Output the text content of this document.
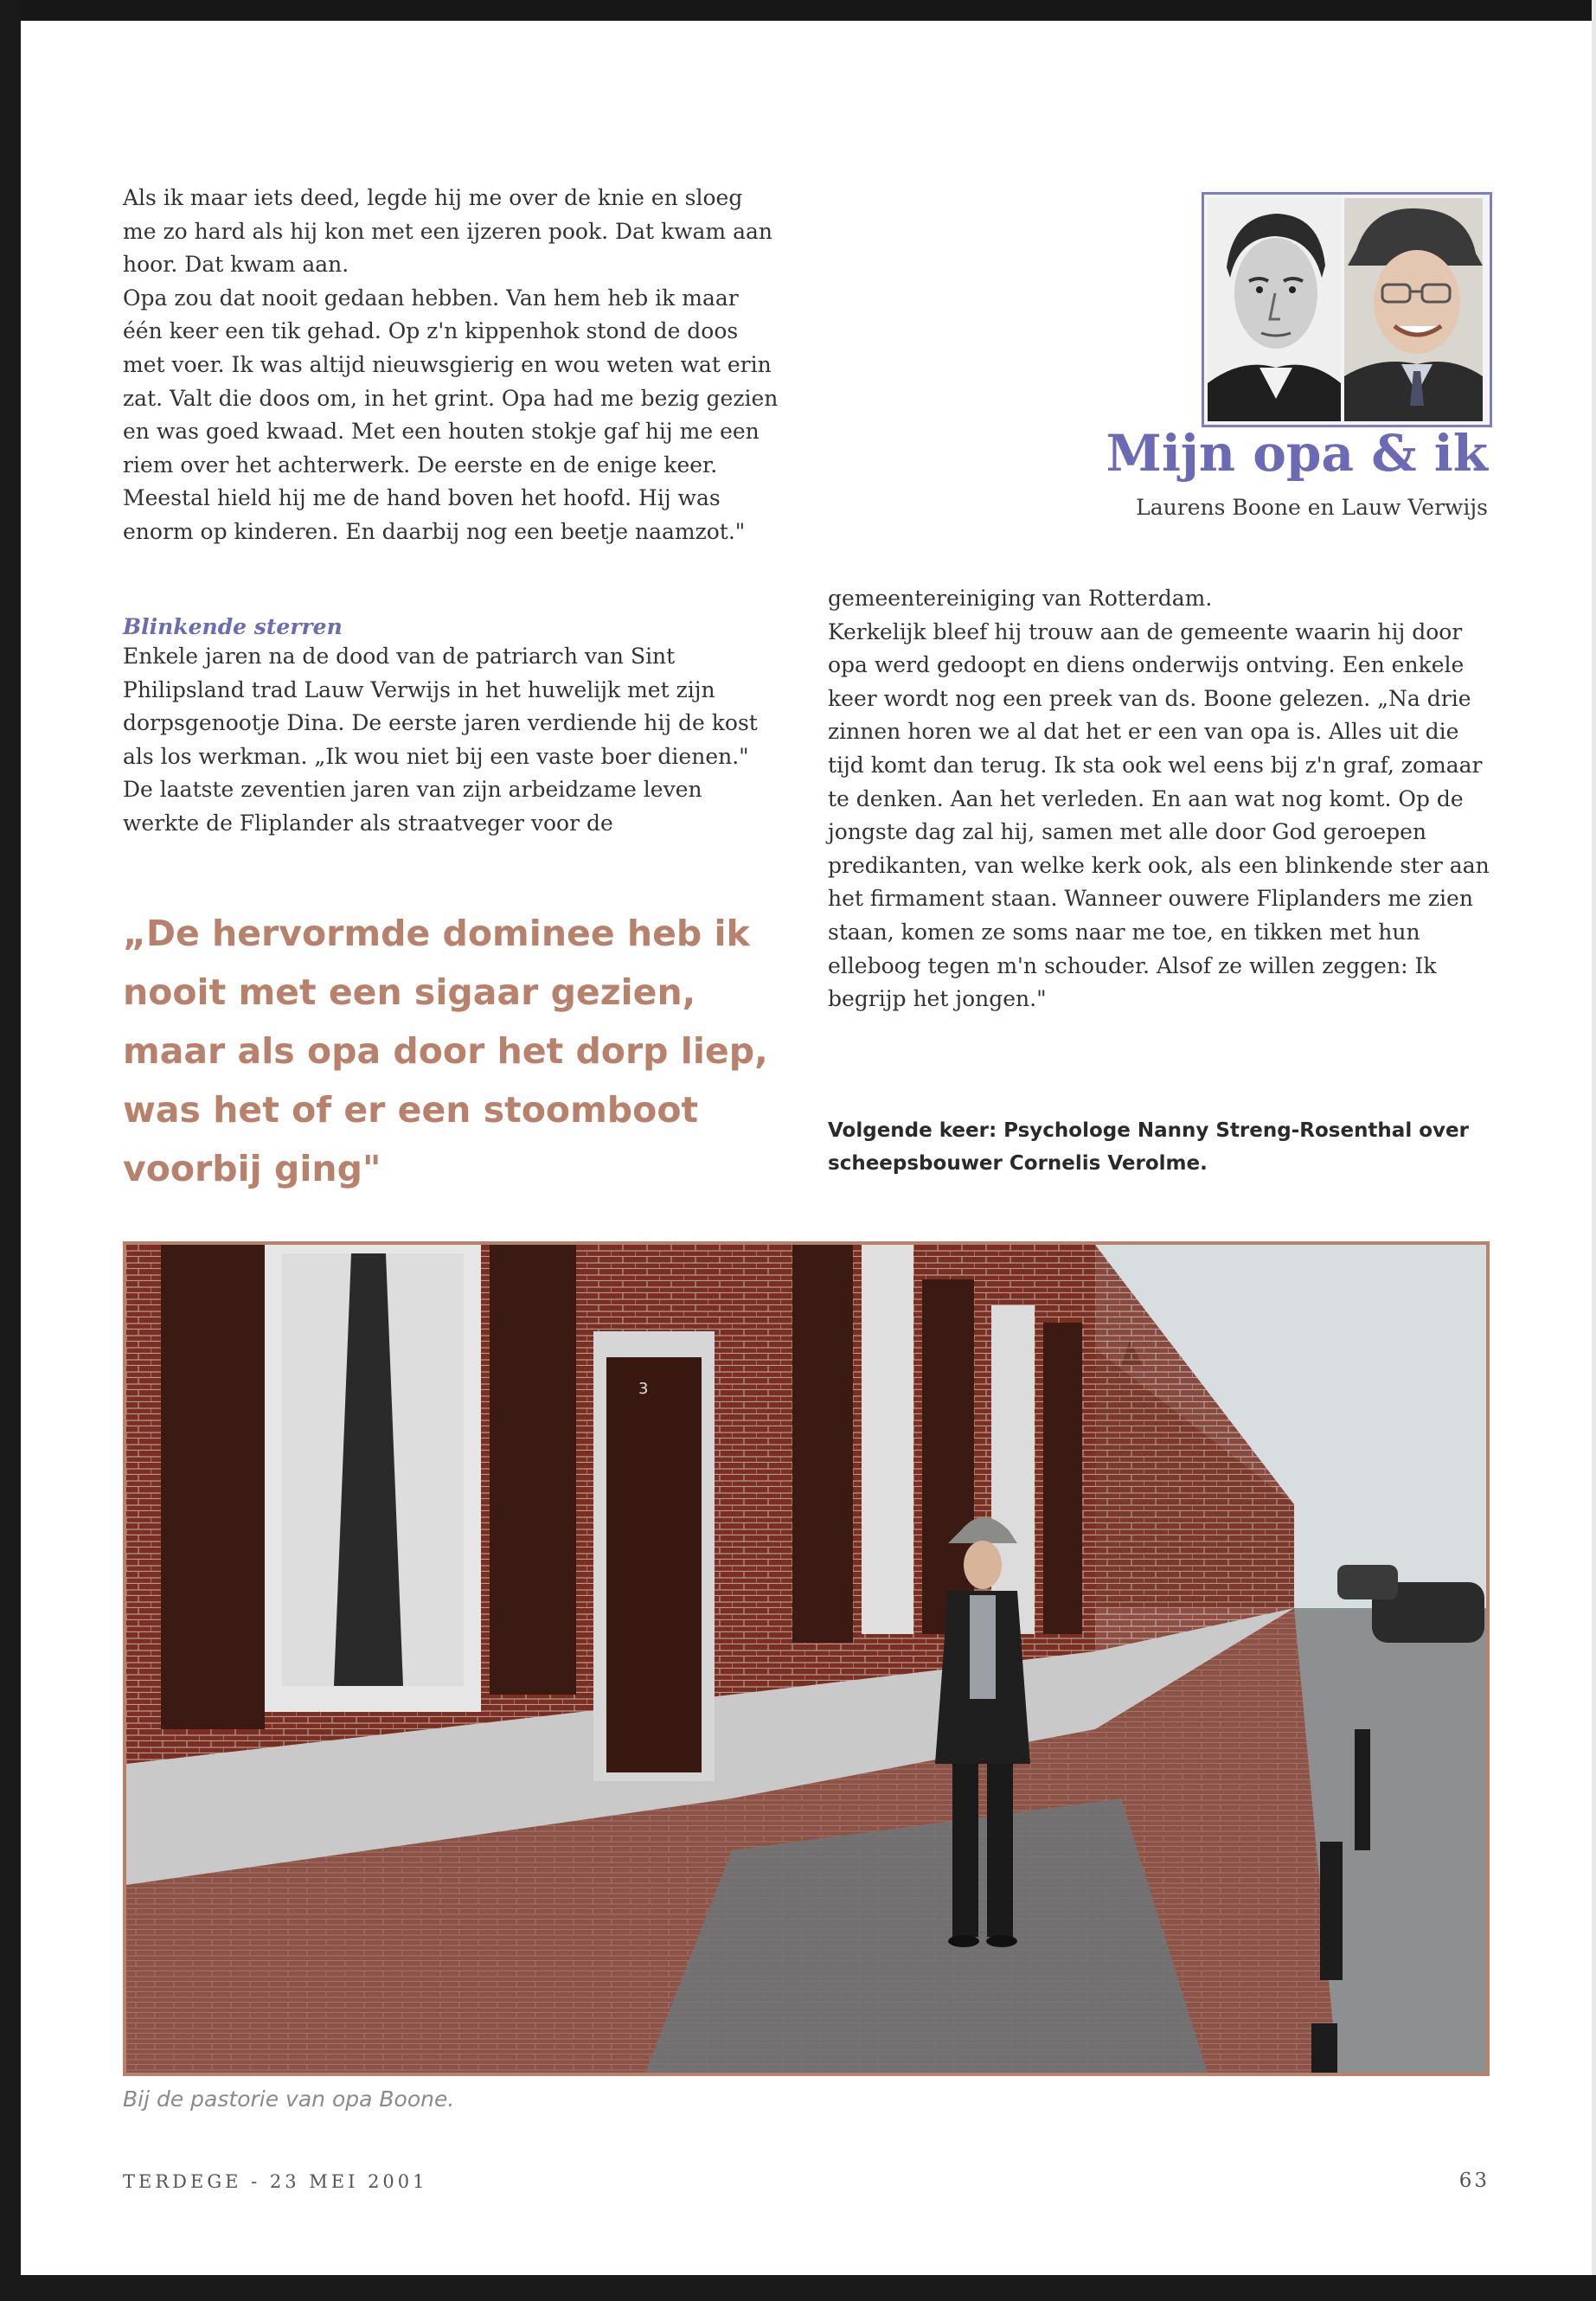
Als ik maar iets deed, legde hij me over de knie en sloeg me zo hard als hij kon met een ijzeren pook. Dat kwam aan hoor. Dat kwam aan.

Opa zou dat nooit gedaan hebben. Van hem heb ik maar één keer een tik gehad. Op z'n kippenhok stond de doos met voer. Ik was altijd nieuwsgierig en wou weten wat erin zat. Valt die doos om, in het grint. Opa had me bezig gezien en was goed kwaad. Met een houten stokje gaf hij me een riem over het achterwerk. De eerste en de enige keer. Meestal hield hij me de hand boven het hoofd. Hij was enorm op kinderen. En daarbij nog een beetje naamzot."

Blinkende sterren

Enkele jaren na de dood van de patriarch van Sint Philipsland trad Lauw Verwijs in het huwelijk met zijn dorpsgenootje Dina. De eerste jaren verdiende hij de kost als los werkman. „Ik wou niet bij een vaste boer dienen." De laatste zeventien jaren van zijn arbeidzame leven werkte de Fliplander als straatveger voor de

„De hervormde dominee heb ik nooit met een sigaar gezien, maar als opa door het dorp liep, was het of er een stoomboot voorbij ging"
Mijn opa & ik
Laurens Boone en Lauw Verwijs

gemeentereiniging van Rotterdam.

Kerkelijk bleef hij trouw aan de gemeente waarin hij door opa werd gedoopt en diens onderwijs ontving. Een enkele keer wordt nog een preek van ds. Boone gelezen. „Na drie zinnen horen we al dat het er een van opa is. Alles uit die tijd komt dan terug. Ik sta ook wel eens bij z'n graf, zomaar te denken. Aan het verleden. En aan wat nog komt. Op de jongste dag zal hij, samen met alle door God geroepen predikanten, van welke kerk ook, als een blinkende ster aan het firmament staan. Wanneer ouwere Fliplanders me zien staan, komen ze soms naar me toe, en tikken met hun elleboog tegen m'n schouder. Alsof ze willen zeggen: Ik begrijp het jongen."

Volgende keer: Psychologe Nanny Streng-Rosenthal over scheepsbouwer Cornelis Verolme.
3
Bij de pastorie van opa Boone.
TERDEGE - 23 MEI 2001	63
